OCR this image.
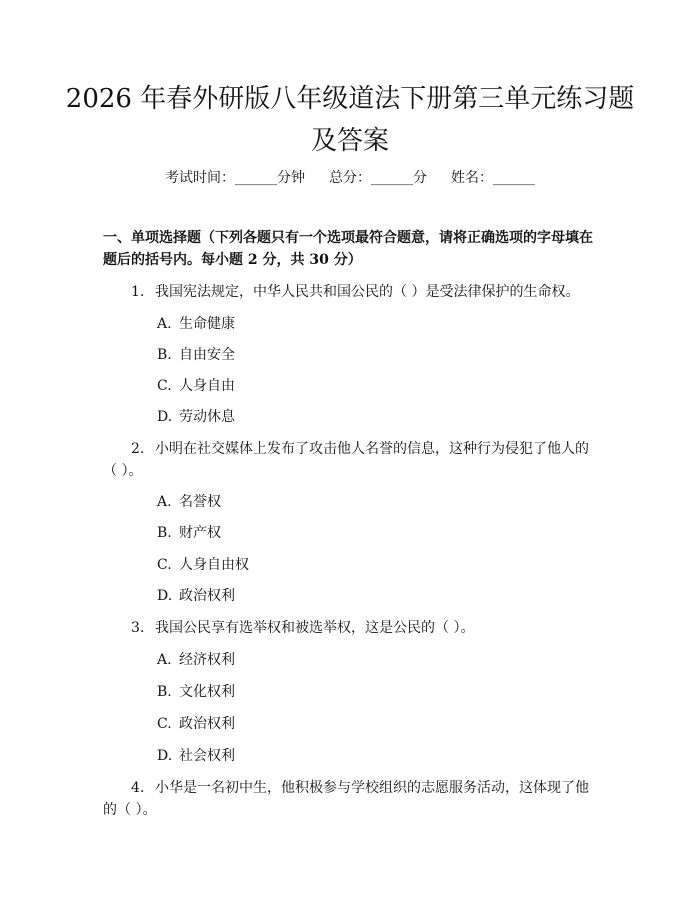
2026 年春外研版八年级道法下册第三单元练习题及答案
考试时间：______分钟 总分：______分 姓名：______
一、单项选择题（下列各题只有一个选项最符合题意，请将正确选项的字母填在题后的括号内。每小题 2 分，共 30 分）
1. 我国宪法规定，中华人民共和国公民的（ ）是受法律保护的生命权。
A. 生命健康
B. 自由安全
C. 人身自由
D. 劳动休息
2. 小明在社交媒体上发布了攻击他人名誉的信息，这种行为侵犯了他人的（ ）。
A. 名誉权
B. 财产权
C. 人身自由权
D. 政治权利
3. 我国公民享有选举权和被选举权，这是公民的（ ）。
A. 经济权利
B. 文化权利
C. 政治权利
D. 社会权利
4. 小华是一名初中生，他积极参与学校组织的志愿服务活动，这体现了他的（ ）。
